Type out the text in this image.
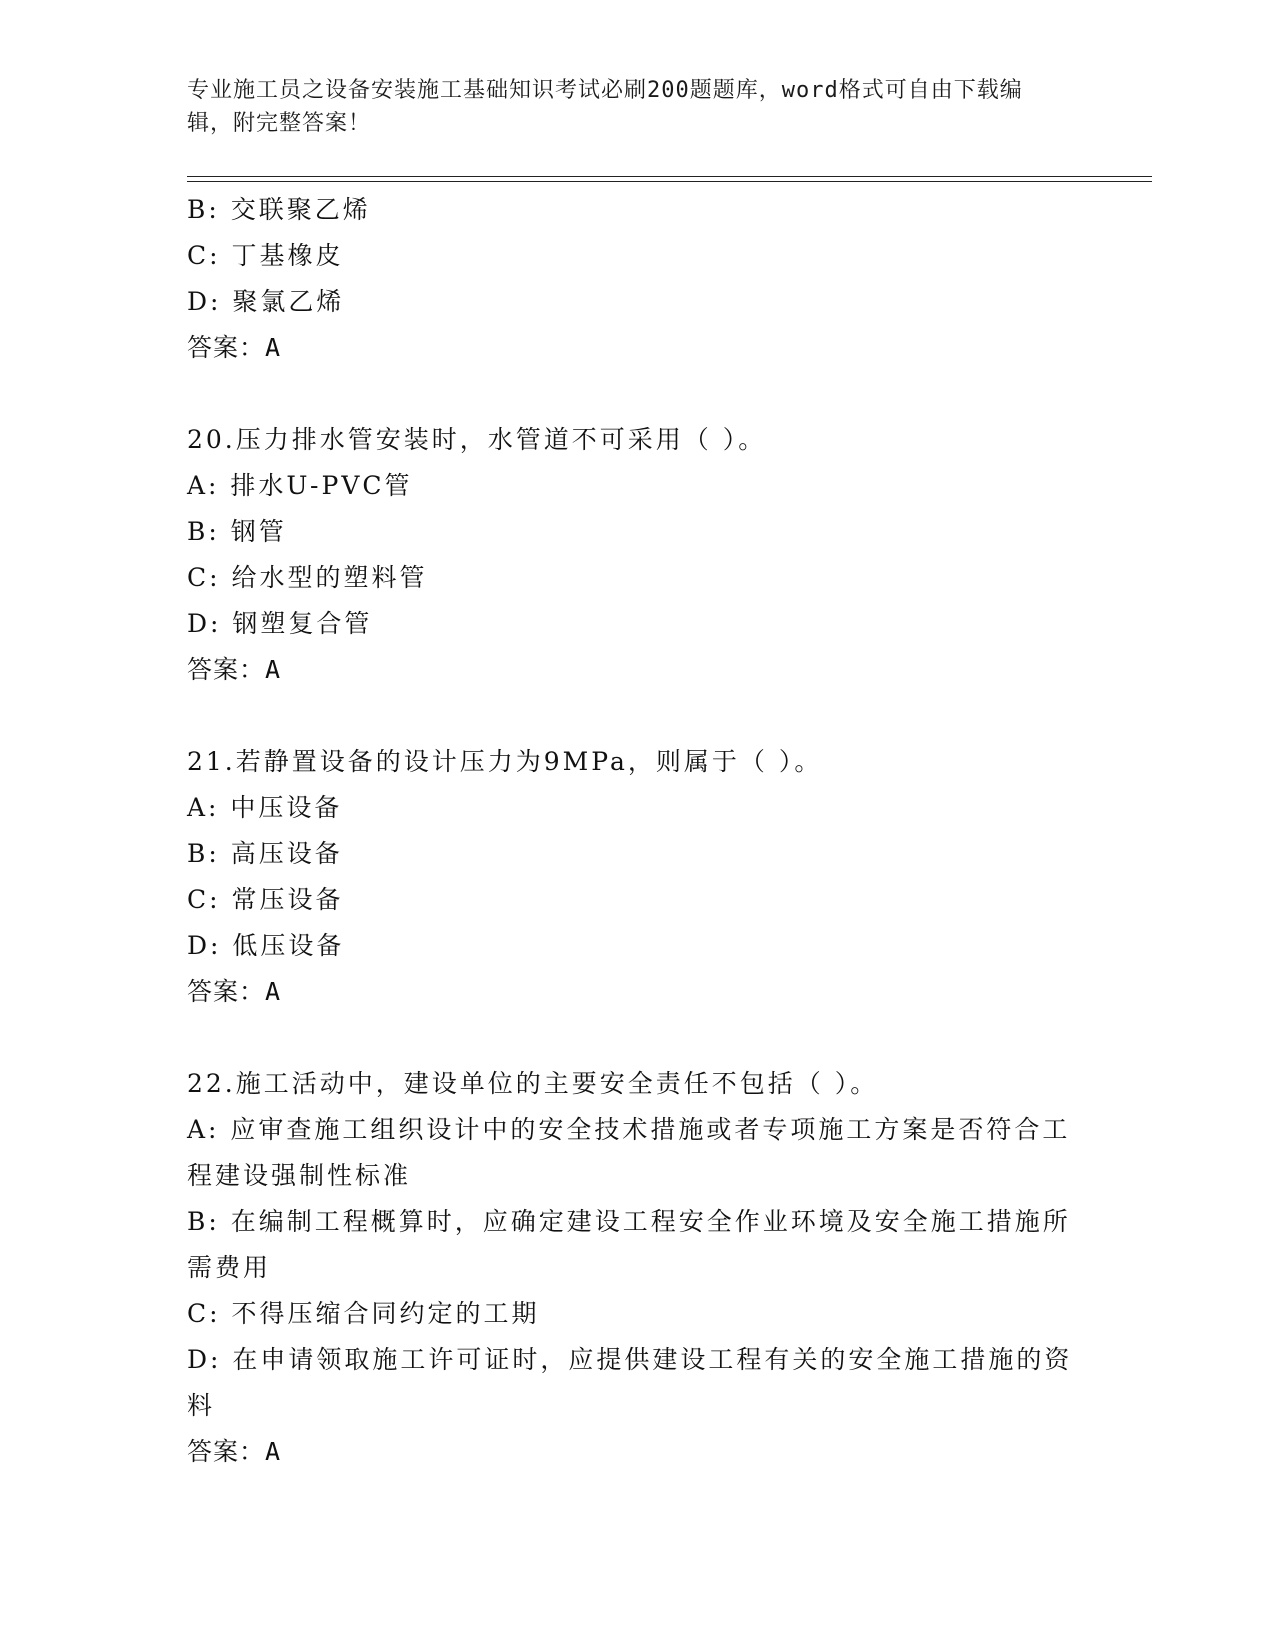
专业施工员之设备安装施工基础知识考试必刷200题题库，word格式可自由下载编辑，附完整答案！

B: 交联聚乙烯

C: 丁基橡皮

D: 聚氯乙烯

答案：A

20.压力排水管安装时，水管道不可采用（ ）。

A: 排水U-PVC管

B: 钢管

C: 给水型的塑料管

D: 钢塑复合管

答案：A

21.若静置设备的设计压力为9MPa，则属于（ ）。

A: 中压设备

B: 高压设备

C: 常压设备

D: 低压设备

答案：A

22.施工活动中，建设单位的主要安全责任不包括（ ）。

A: 应审查施工组织设计中的安全技术措施或者专项施工方案是否符合工程建设强制性标准

B: 在编制工程概算时，应确定建设工程安全作业环境及安全施工措施所需费用

C: 不得压缩合同约定的工期

D: 在申请领取施工许可证时，应提供建设工程有关的安全施工措施的资料

答案：A
